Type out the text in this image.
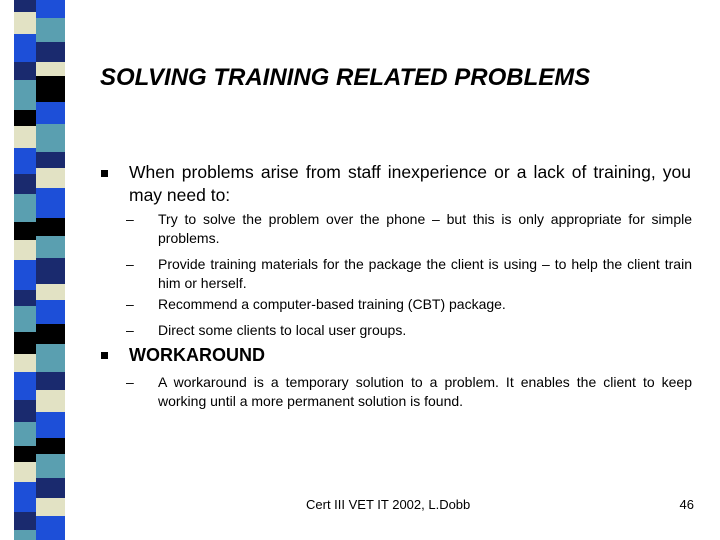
SOLVING TRAINING RELATED PROBLEMS
When problems arise from staff inexperience or a lack of training, you may need to:
– Try to solve the problem over the phone – but this is only appropriate for simple problems.
– Provide training materials for the package the client is using – to help the client train him or herself.
– Recommend a computer-based training (CBT) package.
– Direct some clients to local user groups.
WORKAROUND
– A workaround is a temporary solution to a problem. It enables the client to keep working until a more permanent solution is found.
Cert III VET IT 2002, L.Dobb	46
